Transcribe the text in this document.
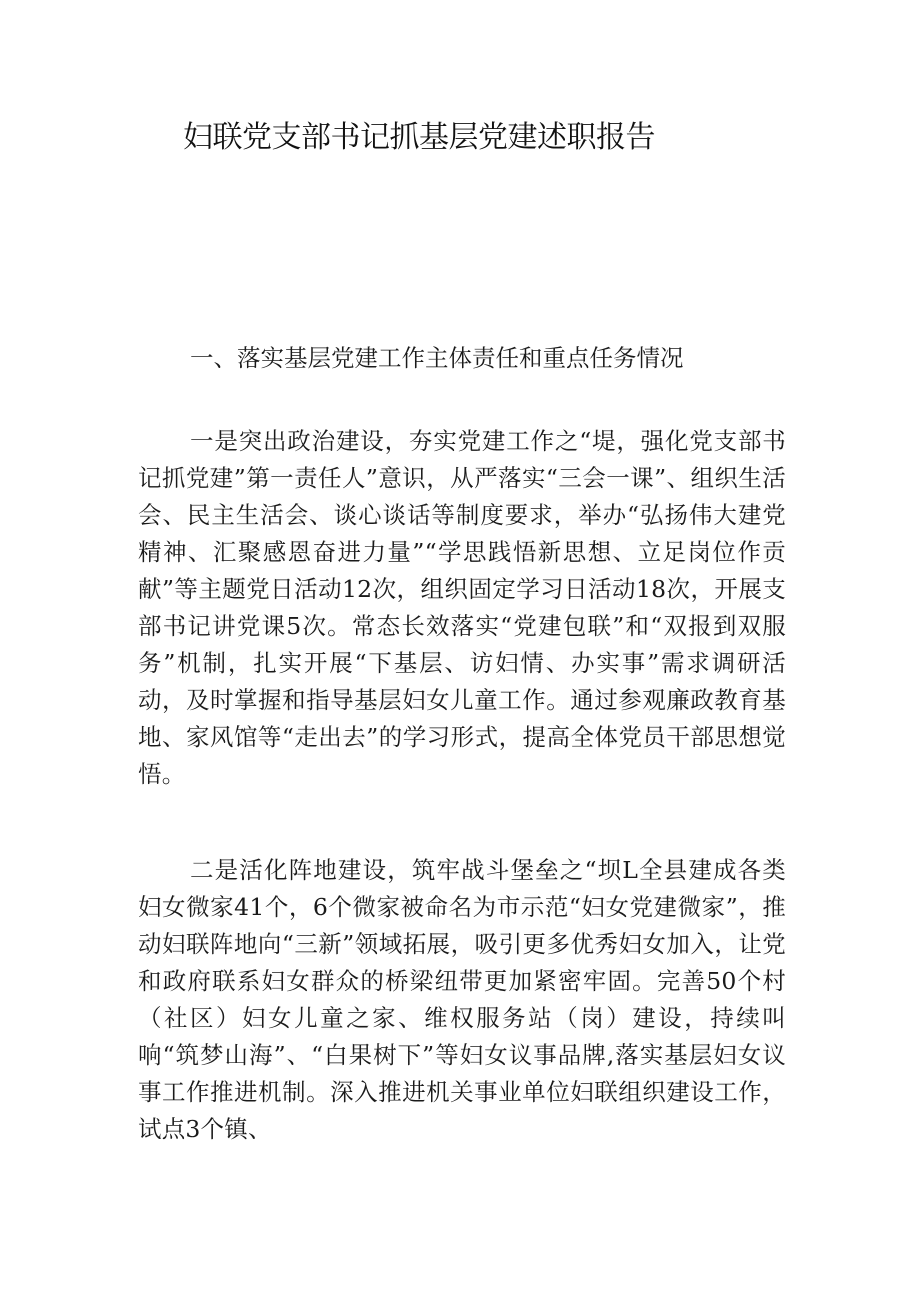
妇联党支部书记抓基层党建述职报告

一、落实基层党建工作主体责任和重点任务情况

一是突出政治建设，夯实党建工作之“堤，强化党支部书记抓党建”第一责任人”意识，从严落实“三会一课”、组织生活会、民主生活会、谈心谈话等制度要求，举办“弘扬伟大建党精神、汇聚感恩奋进力量”“学思践悟新思想、立足岗位作贡献”等主题党日活动12次，组织固定学习日活动18次，开展支部书记讲党课5次。常态长效落实“党建包联”和“双报到双服务”机制，扎实开展“下基层、访妇情、办实事”需求调研活动，及时掌握和指导基层妇女儿童工作。通过参观廉政教育基地、家风馆等“走出去”的学习形式，提高全体党员干部思想觉悟。

二是活化阵地建设，筑牢战斗堡垒之“坝L全县建成各类妇女微家41个，6个微家被命名为市示范“妇女党建微家”，推动妇联阵地向“三新”领域拓展，吸引更多优秀妇女加入，让党和政府联系妇女群众的桥梁纽带更加紧密牢固。完善50个村（社区）妇女儿童之家、维权服务站（岗）建设，持续叫响“筑梦山海”、“白果树下”等妇女议事品牌,落实基层妇女议事工作推进机制。深入推进机关事业单位妇联组织建设工作，试点3个镇、
